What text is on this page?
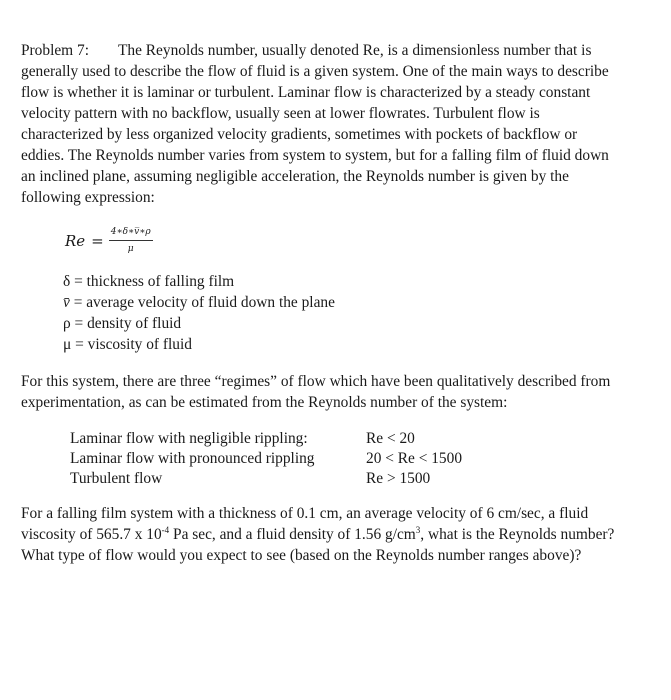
Problem 7: The Reynolds number, usually denoted Re, is a dimensionless number that is

generally used to describe the flow of fluid is a given system. One of the main ways to describe

flow is whether it is laminar or turbulent. Laminar flow is characterized by a steady constant

velocity pattern with no backflow, usually seen at lower flowrates. Turbulent flow is

characterized by less organized velocity gradients, sometimes with pockets of backflow or

eddies. The Reynolds number varies from system to system, but for a falling film of fluid down

an inclined plane, assuming negligible acceleration, the Reynolds number is given by the

following expression:

$Re = \frac{4∗\delta∗v̅∗\rho}{\mu}$
δ = thickness of falling film
v̄ = average velocity of fluid down the plane
ρ = density of fluid
μ = viscosity of fluid

For this system, there are three “regimes” of flow which have been qualitatively described from

experimentation, as can be estimated from the Reynolds number of the system:

Laminar flow with negligible rippling:	Re < 20
Laminar flow with pronounced rippling	20 < Re < 1500
Turbulent flow	Re > 1500

For a falling film system with a thickness of 0.1 cm, an average velocity of 6 cm/sec, a fluid

viscosity of 565.7 x $10^{-4}$ Pa sec, and a fluid density of 1.56 $g/cm^3$, what is the Reynolds number?

What type of flow would you expect to see (based on the Reynolds number ranges above)?
